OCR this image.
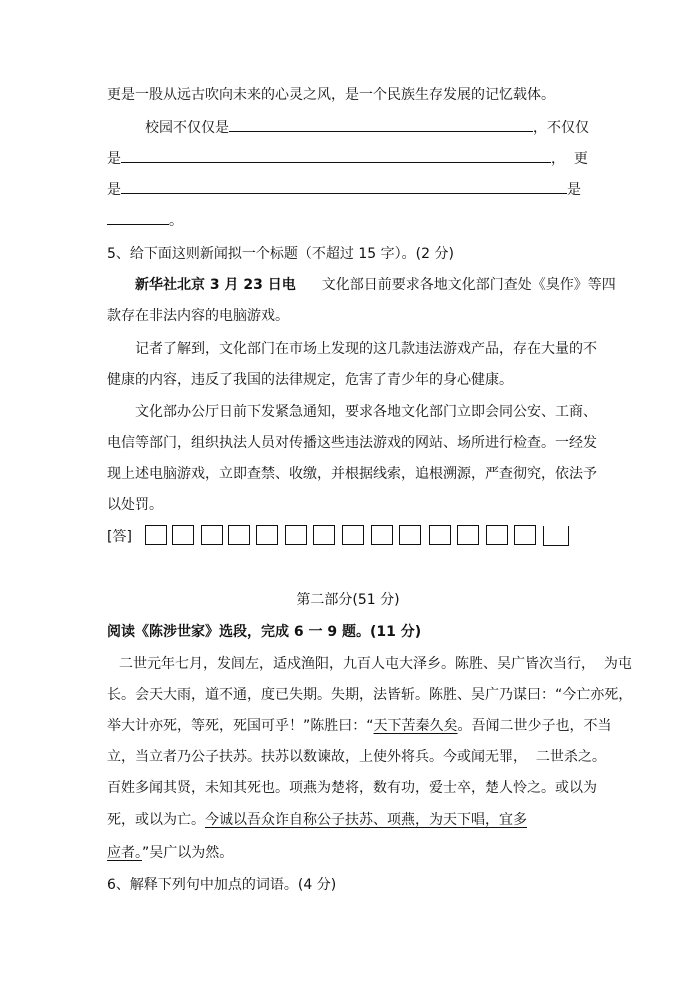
更是一股从远古吹向未来的心灵之风，是一个民族生存发展的记忆载体。
校园不仅仅是	，不仅仅
是	，  更
是	是
。
5、给下面这则新闻拟一个标题（不超过 15 字）。(2 分)
新华社北京 3 月 23 日电 文化部日前要求各地文化部门查处《臭作》等四
款存在非法内容的电脑游戏。
记者了解到，文化部门在市场上发现的这几款违法游戏产品，存在大量的不
健康的内容，违反了我国的法律规定，危害了青少年的身心健康。
文化部办公厅日前下发紧急通知，要求各地文化部门立即会同公安、工商、
电信等部门，组织执法人员对传播这些违法游戏的网站、场所进行检查。一经发
现上述电脑游戏，立即查禁、收缴，并根据线索，追根溯源，严查彻究，依法予
以处罚。
[答]
第二部分(51 分)
阅读《陈涉世家》选段，完成 6 一 9 题。(11 分)
二世元年七月，发闾左，适戍渔阳，九百人屯大泽乡。陈胜、吴广皆次当行，  为屯
长。会天大雨，道不通，度已失期。失期，法皆斩。陈胜、吴广乃谋曰：“今亡亦死，
举大计亦死，等死，死国可乎！”陈胜曰：“天下苦秦久矣。吾闻二世少子也，不当
立，当立者乃公子扶苏。扶苏以数谏故，上使外将兵。今或闻无罪，  二世杀之。
百姓多闻其贤，未知其死也。项燕为楚将，数有功，爱士卒，楚人怜之。或以为
死，或以为亡。今诚以吾众诈自称公子扶苏、项燕，为天下唱，宜多
应者。”吴广以为然。
6、解释下列句中加点的词语。(4 分)
